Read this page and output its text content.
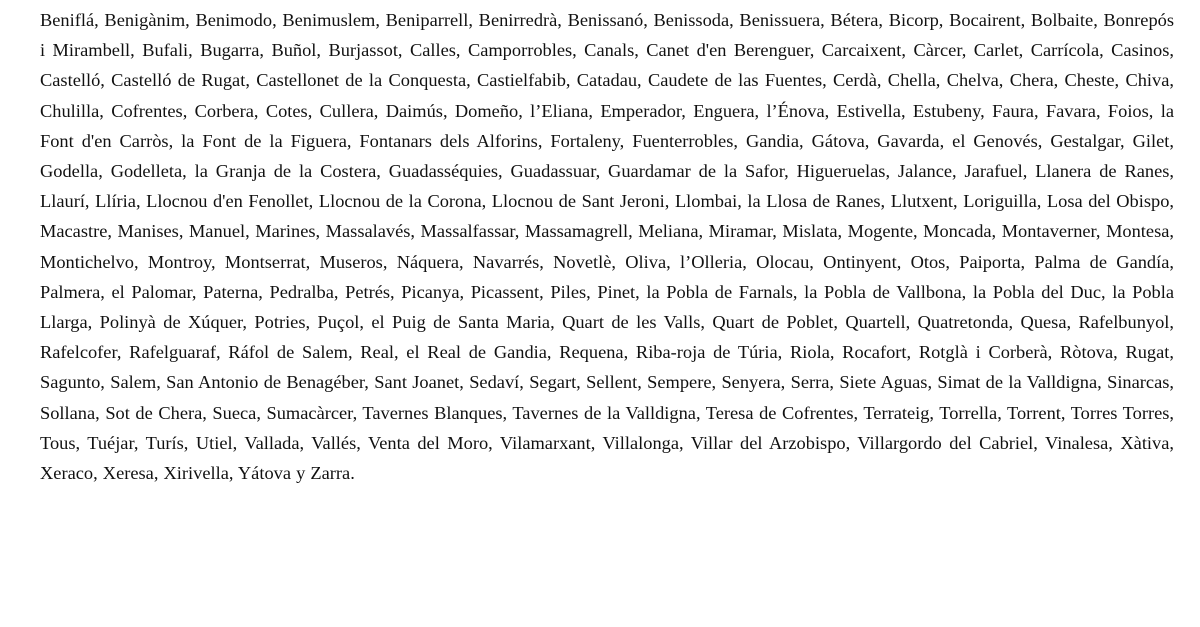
Beniflá, Benigànim, Benimodo, Benimuslem, Beniparrell, Benirredrà, Benissanó, Benissoda, Benissuera, Bétera, Bicorp, Bocairent, Bolbaite, Bonrepós i Mirambell, Bufali, Bugarra, Buñol, Burjassot, Calles, Camporrobles, Canals, Canet d'en Berenguer, Carcaixent, Càrcer, Carlet, Carrícola, Casinos, Castelló, Castelló de Rugat, Castellonet de la Conquesta, Castielfabib, Catadau, Caudete de las Fuentes, Cerdà, Chella, Chelva, Chera, Cheste, Chiva, Chulilla, Cofrentes, Corbera, Cotes, Cullera, Daimús, Domeño, l’Eliana, Emperador, Enguera, l’Énova, Estivella, Estubeny, Faura, Favara, Foios, la Font d'en Carròs, la Font de la Figuera, Fontanars dels Alforins, Fortaleny, Fuenterrobles, Gandia, Gátova, Gavarda, el Genovés, Gestalgar, Gilet, Godella, Godelleta, la Granja de la Costera, Guadasséquies, Guadassuar, Guardamar de la Safor, Higueruelas, Jalance, Jarafuel, Llanera de Ranes, Llaurí, Llíria, Llocnou d'en Fenollet, Llocnou de la Corona, Llocnou de Sant Jeroni, Llombai, la Llosa de Ranes, Llutxent, Loriguilla, Losa del Obispo, Macastre, Manises, Manuel, Marines, Massalavés, Massalfassar, Massamagrell, Meliana, Miramar, Mislata, Mogente, Moncada, Montaverner, Montesa, Montichelvo, Montroy, Montserrat, Museros, Náquera, Navarrés, Novetlè, Oliva, l’Olleria, Olocau, Ontinyent, Otos, Paiporta, Palma de Gandía, Palmera, el Palomar, Paterna, Pedralba, Petrés, Picanya, Picassent, Piles, Pinet, la Pobla de Farnals, la Pobla de Vallbona, la Pobla del Duc, la Pobla Llarga, Polinyà de Xúquer, Potries, Puçol, el Puig de Santa Maria, Quart de les Valls, Quart de Poblet, Quartell, Quatretonda, Quesa, Rafelbunyol, Rafelcofer, Rafelguaraf, Ráfol de Salem, Real, el Real de Gandia, Requena, Riba-roja de Túria, Riola, Rocafort, Rotglà i Corberà, Ròtova, Rugat, Sagunto, Salem, San Antonio de Benagéber, Sant Joanet, Sedaví, Segart, Sellent, Sempere, Senyera, Serra, Siete Aguas, Simat de la Valldigna, Sinarcas, Sollana, Sot de Chera, Sueca, Sumacàrcer, Tavernes Blanques, Tavernes de la Valldigna, Teresa de Cofrentes, Terrateig, Torrella, Torrent, Torres Torres, Tous, Tuéjar, Turís, Utiel, Vallada, Vallés, Venta del Moro, Vilamarxant, Villalonga, Villar del Arzobispo, Villargordo del Cabriel, Vinalesa, Xàtiva, Xeraco, Xeresa, Xirivella, Yátova y Zarra.
